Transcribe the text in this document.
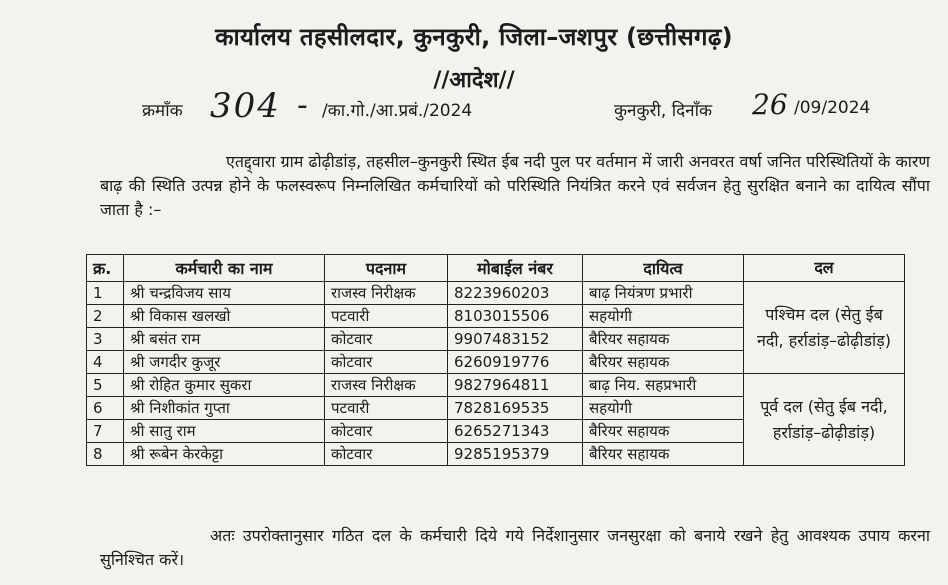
कार्यालय तहसीलदार, कुनकुरी, जिला–जशपुर (छत्तीसगढ़)
//आदेश//
क्रमाँक 304 - /का.गो./आ.प्रबं./2024	कुनकुरी, दिनाँक 26 /09/2024
एतद्द्वारा ग्राम ढोढ़ीडांड़, तहसील–कुनकुरी स्थित ईब नदी पुल पर वर्तमान में जारी अनवरत वर्षा जनित परिस्थितियों के कारण बाढ़ की स्थिति उत्पन्न होने के फलस्वरूप निम्नलिखित कर्मचारियों को परिस्थिति नियंत्रित करने एवं सर्वजन हेतु सुरक्षित बनाने का दायित्व सौंपा जाता है :–
क्र.	कर्मचारी का नाम	पदनाम	मोबाईल नंबर	दायित्व	दल
1	श्री चन्द्रविजय साय	राजस्व निरीक्षक	8223960203	बाढ़ नियंत्रण प्रभारी	पश्चिम दल (सेतु ईब नदी, हर्राडांड़–ढोढ़ीडांड़)
2	श्री विकास खलखो	पटवारी	8103015506	सहयोगी	
3	श्री बसंत राम	कोटवार	9907483152	बैरियर सहायक	
4	श्री जगदीर कुजूर	कोटवार	6260919776	बैरियर सहायक	
5	श्री रोहित कुमार सुकरा	राजस्व निरीक्षक	9827964811	बाढ़ निय. सहप्रभारी	पूर्व दल (सेतु ईब नदी, हर्राडांड़–ढोढ़ीडांड़)
6	श्री निशीकांत गुप्ता	पटवारी	7828169535	सहयोगी	
7	श्री सातु राम	कोटवार	6265271343	बैरियर सहायक	
8	श्री रूबेन केरकेट्टा	कोटवार	9285195379	बैरियर सहायक	
अतः उपरोक्तानुसार गठित दल के कर्मचारी दिये गये निर्देशानुसार जनसुरक्षा को बनाये रखने हेतु आवश्यक उपाय करना सुनिश्चित करें।
